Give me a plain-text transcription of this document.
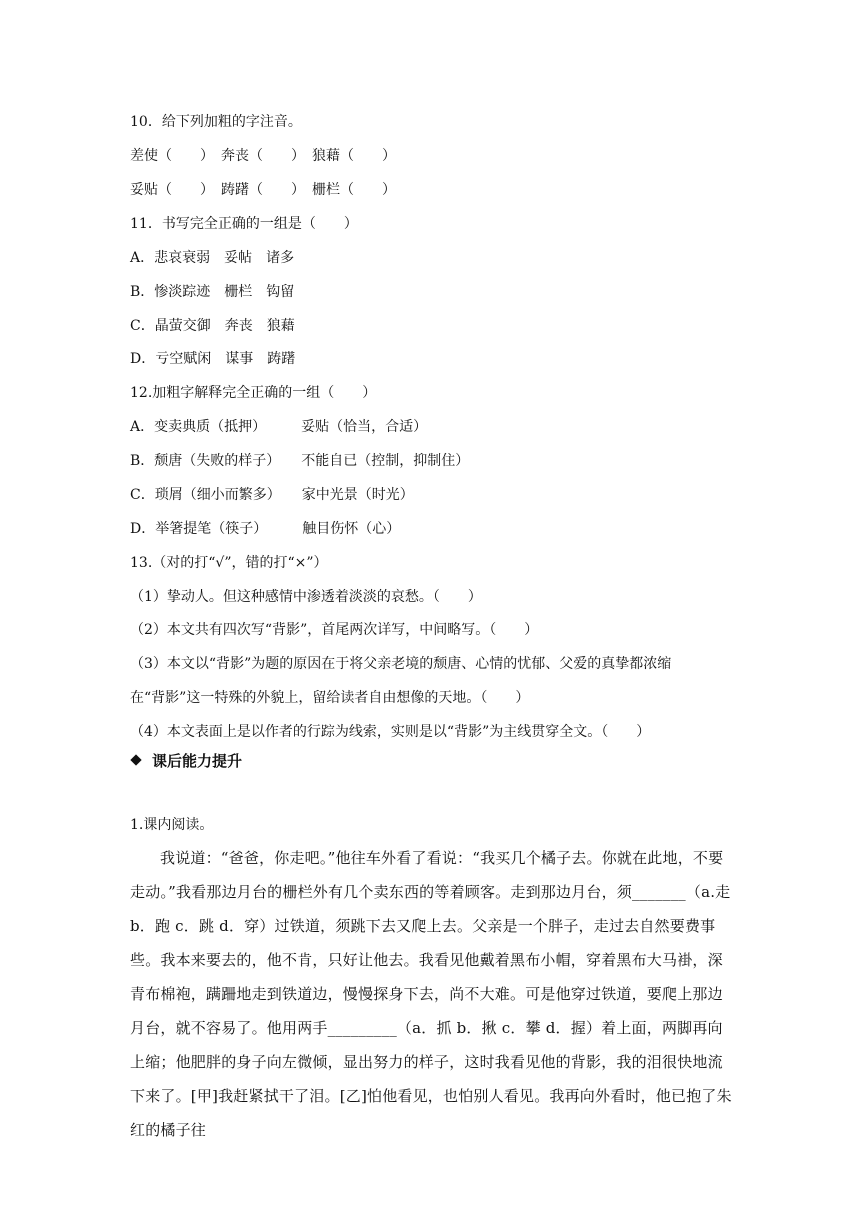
10．给下列加粗的字注音。
差使（　　）　奔丧（　　）　狼藉（　　）
妥贴（　　）　踌躇（　　）　栅栏（　　）
11．书写完全正确的一组是（　　）
A．悲哀衰弱　妥帖　诸多
B．惨淡踪迹　栅栏　钩留
C．晶萤交御　奔丧　狼藉
D．亏空赋闲　谋事　踌躇
12.加粗字解释完全正确的一组（　　）
A．变卖典质（抵押）　　　妥贴（恰当，合适）
B．颓唐（失败的样子）　　不能自已（控制，抑制住）
C．琐屑（细小而繁多）　　家中光景（时光）
D．举箸提笔（筷子）　　　触目伤怀（心）
13.（对的打“√”，错的打“×”）
（1）挚动人。但这种感情中渗透着淡淡的哀愁。（　　）
（2）本文共有四次写“背影”，首尾两次详写，中间略写。（　　）
（3）本文以“背影”为题的原因在于将父亲老境的颓唐、心情的忧郁、父爱的真挚都浓缩
在“背影”这一特殊的外貌上，留给读者自由想像的天地。（　　）
（4）本文表面上是以作者的行踪为线索，实则是以“背影”为主线贯穿全文。（　　）
课后能力提升
1.课内阅读。
我说道：“爸爸，你走吧。”他往车外看了看说：“我买几个橘子去。你就在此地，不要走动。”我看那边月台的栅栏外有几个卖东西的等着顾客。走到那边月台，须_______（a.走 b．跑 c．跳 d．穿）过铁道，须跳下去又爬上去。父亲是一个胖子，走过去自然要费事些。我本来要去的，他不肯，只好让他去。我看见他戴着黑布小帽，穿着黑布大马褂，深青布棉袍，蹒跚地走到铁道边，慢慢探身下去，尚不大难。可是他穿过铁道，要爬上那边月台，就不容易了。他用两手_________（a．抓 b．揪 c．攀 d．握）着上面，两脚再向上缩；他肥胖的身子向左微倾，显出努力的样子，这时我看见他的背影，我的泪很快地流下来了。[甲]我赶紧拭干了泪。[乙]怕他看见，也怕别人看见。我再向外看时，他已抱了朱红的橘子往
